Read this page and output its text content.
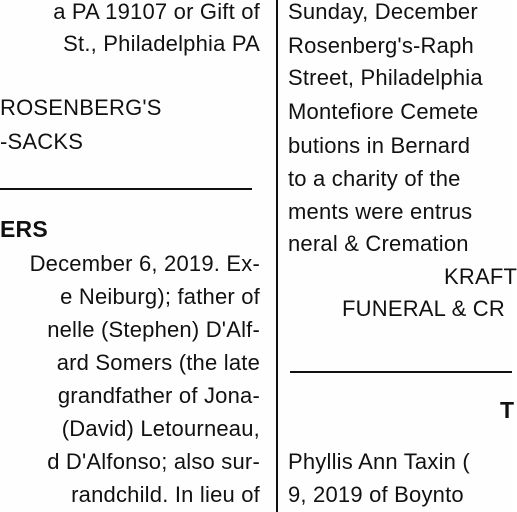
a PA 19107 or Gift of
St., Philadelphia PA
ROSENBERG'S
-SACKS
ERS
December 6, 2019. Ex-
e Neiburg); father of
nelle (Stephen) D'Alf-
ard Somers (the late
grandfather of Jona-
(David) Letourneau,
d D'Alfonso; also sur-
randchild. In lieu of
Sunday, December
Rosenberg's-Raph
Street, Philadelphia
Montefiore Cemete
butions in Bernard
to a charity of the
ments were entrus
neral & Cremation
KRAFT
FUNERAL & CR
T
Phyllis Ann Taxin (
9, 2019 of Boynto
